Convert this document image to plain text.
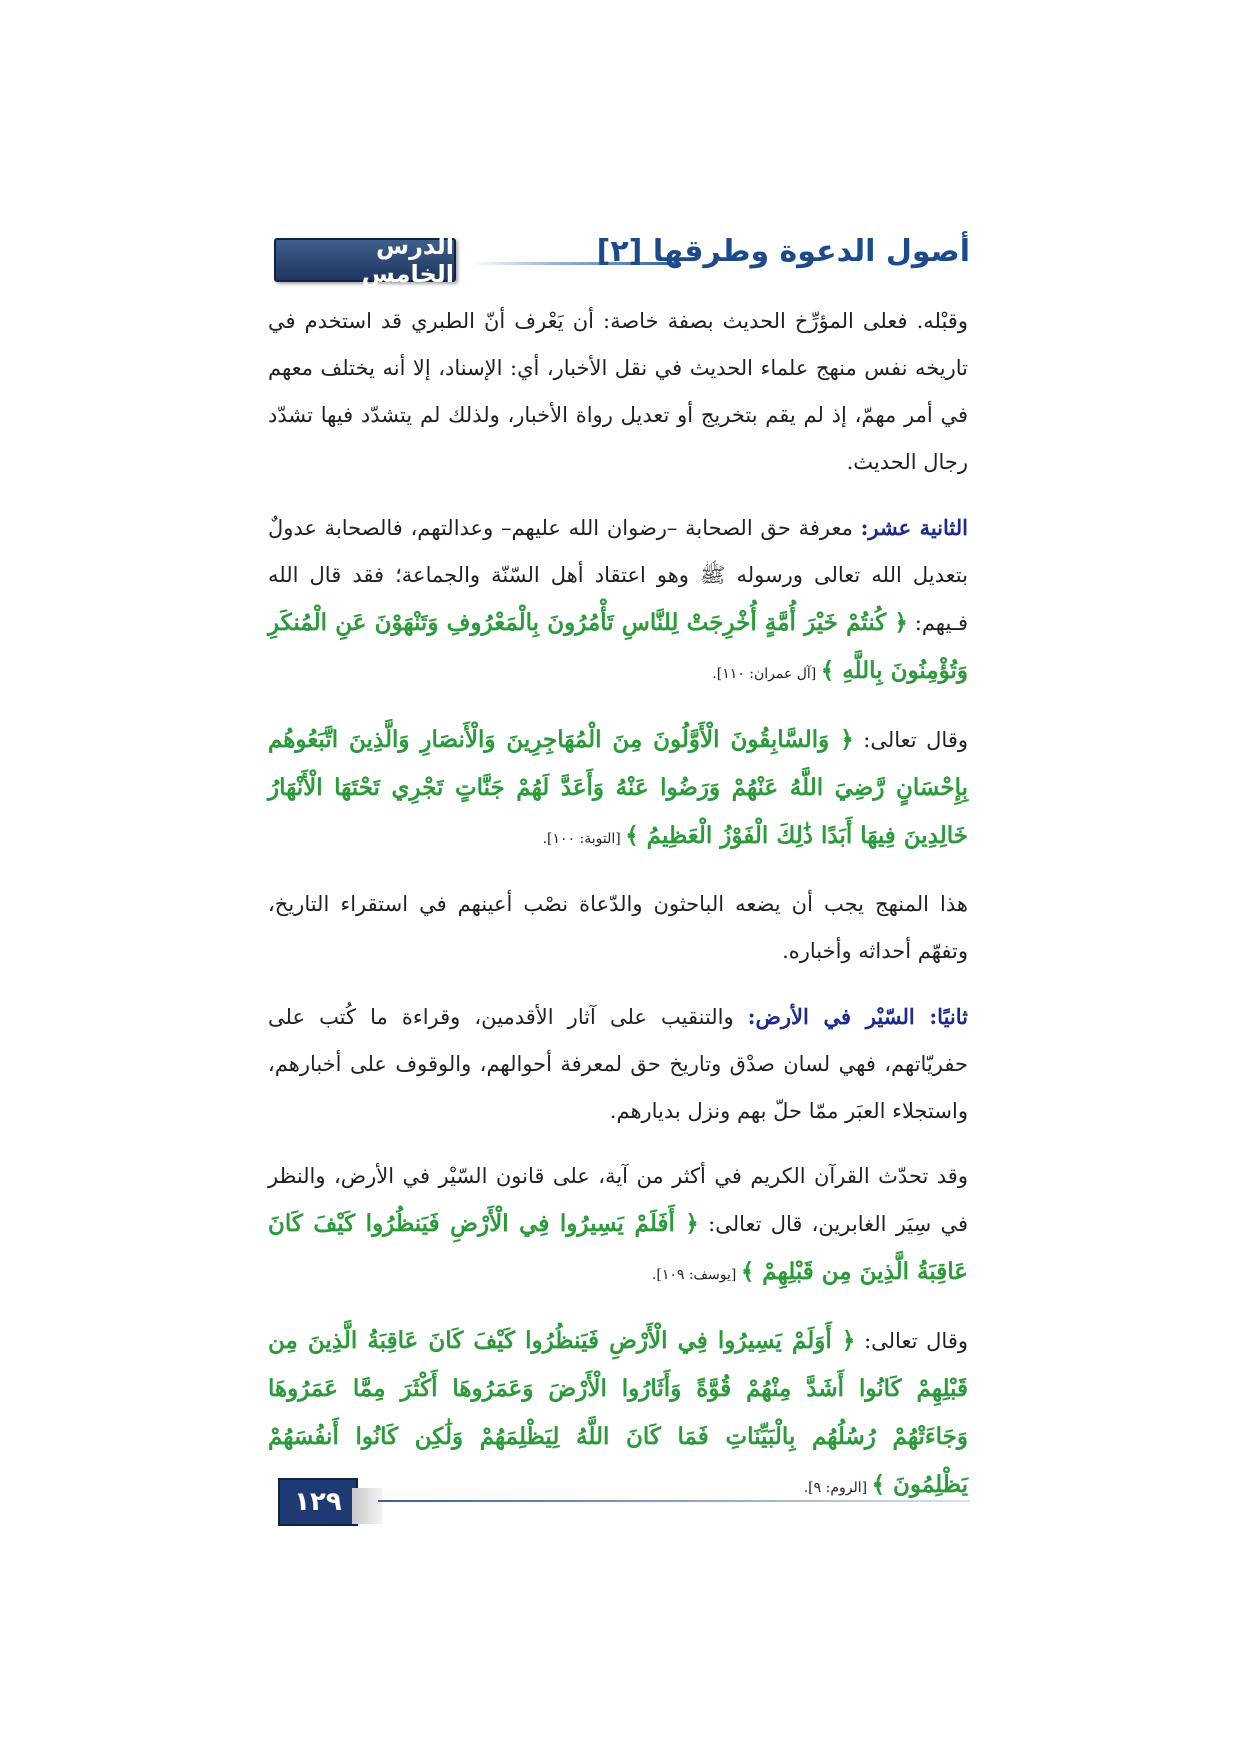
الدرس الخامس
أصول الدعوة وطرقها [٢]

وقبْله. فعلى المؤرِّخ الحديث بصفة خاصة: أن يَعْرف أنّ الطبري قد استخدم في تاريخه نفس منهج علماء الحديث في نقل الأخبار، أي: الإسناد، إلا أنه يختلف معهم في أمر مهمّ، إذ لم يقم بتخريج أو تعديل رواة الأخبار، ولذلك لم يتشدّد فيها تشدّد رجال الحديث.

الثانية عشر: معرفة حق الصحابة –رضوان الله عليهم– وعدالتهم، فالصحابة عدولٌ بتعديل الله تعالى ورسوله ﷺ وهو اعتقاد أهل السّنّة والجماعة؛ فقد قال الله فـيهم: ﴿ كُنتُمْ خَيْرَ أُمَّةٍ أُخْرِجَتْ لِلنَّاسِ تَأْمُرُونَ بِالْمَعْرُوفِ وَتَنْهَوْنَ عَنِ الْمُنكَرِ وَتُؤْمِنُونَ بِاللَّهِ ﴾ [آل عمران: ١١٠].

وقال تعالى: ﴿ وَالسَّابِقُونَ الْأَوَّلُونَ مِنَ الْمُهَاجِرِينَ وَالْأَنصَارِ وَالَّذِينَ اتَّبَعُوهُم بِإِحْسَانٍ رَّضِيَ اللَّهُ عَنْهُمْ وَرَضُوا عَنْهُ وَأَعَدَّ لَهُمْ جَنَّاتٍ تَجْرِي تَحْتَهَا الْأَنْهَارُ خَالِدِينَ فِيهَا أَبَدًا ذَٰلِكَ الْفَوْزُ الْعَظِيمُ ﴾ [التوبة: ١٠٠].

هذا المنهج يجب أن يضعه الباحثون والدّعاة نصْب أعينهم في استقراء التاريخ، وتفهّم أحداثه وأخباره.

ثانيًا: السّيْر في الأرض: والتنقيب على آثار الأقدمين، وقراءة ما كُتب على حفريّاتهم، فهي لسان صدْق وتاريخ حق لمعرفة أحوالهم، والوقوف على أخبارهم، واستجلاء العبَر ممّا حلّ بهم ونزل بديارهم.

وقد تحدّث القرآن الكريم في أكثر من آية، على قانون السّيْر في الأرض، والنظر في سِيَر الغابرين، قال تعالى: ﴿ أَفَلَمْ يَسِيرُوا فِي الْأَرْضِ فَيَنظُرُوا كَيْفَ كَانَ عَاقِبَةُ الَّذِينَ مِن قَبْلِهِمْ ﴾ [يوسف: ١٠٩].

وقال تعالى: ﴿ أَوَلَمْ يَسِيرُوا فِي الْأَرْضِ فَيَنظُرُوا كَيْفَ كَانَ عَاقِبَةُ الَّذِينَ مِن قَبْلِهِمْ كَانُوا أَشَدَّ مِنْهُمْ قُوَّةً وَأَثَارُوا الْأَرْضَ وَعَمَرُوهَا أَكْثَرَ مِمَّا عَمَرُوهَا وَجَاءَتْهُمْ رُسُلُهُم بِالْبَيِّنَاتِ فَمَا كَانَ اللَّهُ لِيَظْلِمَهُمْ وَلَٰكِن كَانُوا أَنفُسَهُمْ يَظْلِمُونَ ﴾ [الروم: ٩].

١٢٩
